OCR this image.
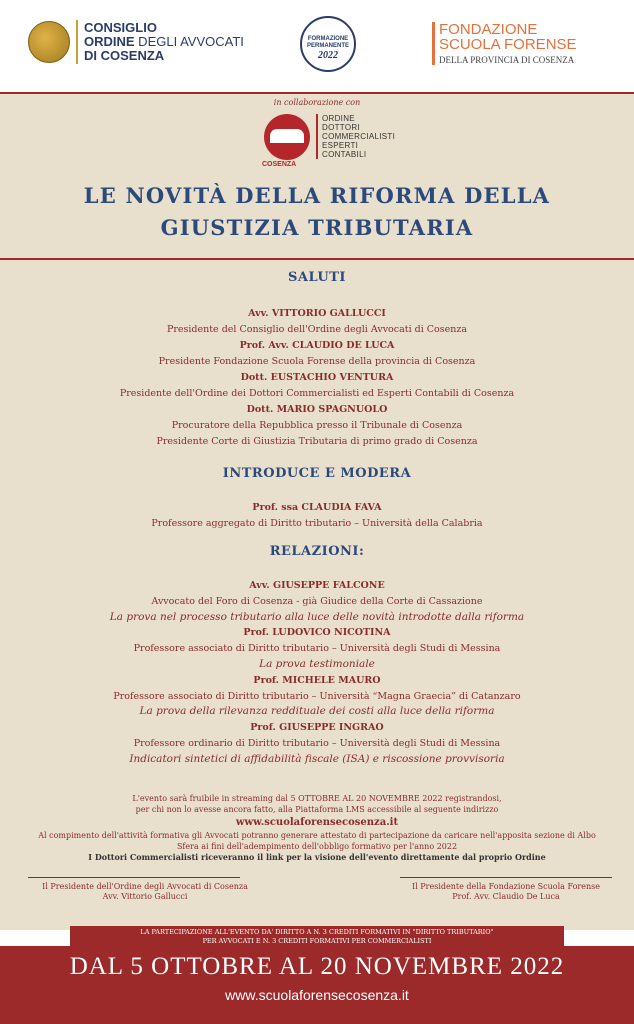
CONSIGLIO
ORDINE DEGLI AVVOCATI
DI COSENZA
FORMAZIONE
PERMANENTE
2022
FONDAZIONE
SCUOLA FORENSE
DELLA PROVINCIA DI COSENZA
in collaborazione con
COSENZA
ORDINE
DOTTORI
COMMERCIALISTI
ESPERTI
CONTABILI
LE NOVITÀ DELLA RIFORMA DELLA
GIUSTIZIA TRIBUTARIA
SALUTI
Avv. VITTORIO GALLUCCI
Presidente del Consiglio dell'Ordine degli Avvocati di Cosenza
Prof. Avv. CLAUDIO DE LUCA
Presidente Fondazione Scuola Forense della provincia di Cosenza
Dott. EUSTACHIO VENTURA
Presidente dell'Ordine dei Dottori Commercialisti ed Esperti Contabili di Cosenza
Dott. MARIO SPAGNUOLO
Procuratore della Repubblica presso il Tribunale di Cosenza
Presidente Corte di Giustizia Tributaria di primo grado di Cosenza
INTRODUCE E MODERA
Prof. ssa CLAUDIA FAVA
Professore aggregato di Diritto tributario – Università della Calabria
RELAZIONI:
Avv. GIUSEPPE FALCONE
Avvocato del Foro di Cosenza - già Giudice della Corte di Cassazione
La prova nel processo tributario alla luce delle novità introdotte dalla riforma
Prof. LUDOVICO NICOTINA
Professore associato di Diritto tributario – Università degli Studi di Messina
La prova testimoniale
Prof. MICHELE MAURO
Professore associato di Diritto tributario – Università “Magna Graecia” di Catanzaro
La prova della rilevanza reddituale dei costi alla luce della riforma
Prof. GIUSEPPE INGRAO
Professore ordinario di Diritto tributario – Università degli Studi di Messina
Indicatori sintetici di affidabilità fiscale (ISA) e riscossione provvisoria
L'evento sarà fruibile in streaming dal 5 OTTOBRE AL 20 NOVEMBRE 2022 registrandosi,
per chi non lo avesse ancora fatto, alla Piattaforma LMS accessibile al seguente indirizzo
www.scuolaforensecosenza.it
Al compimento dell'attività formativa gli Avvocati potranno generare attestato di partecipazione da caricare nell'apposita sezione di Albo
Sfera ai fini dell'adempimento dell'obbligo formativo per l'anno 2022
I Dottori Commercialisti riceveranno il link per la visione dell'evento direttamente dal proprio Ordine
Il Presidente dell'Ordine degli Avvocati di Cosenza
Avv. Vittorio Gallucci
Il Presidente della Fondazione Scuola Forense
Prof. Avv. Claudio De Luca
LA PARTECIPAZIONE ALL'EVENTO DA' DIRITTO A N. 3 CREDITI FORMATIVI IN "DIRITTO TRIBUTARIO"
PER AVVOCATI E N. 3 CREDITI FORMATIVI PER COMMERCIALISTI
DAL 5 OTTOBRE AL 20 NOVEMBRE 2022
www.scuolaforensecosenza.it
